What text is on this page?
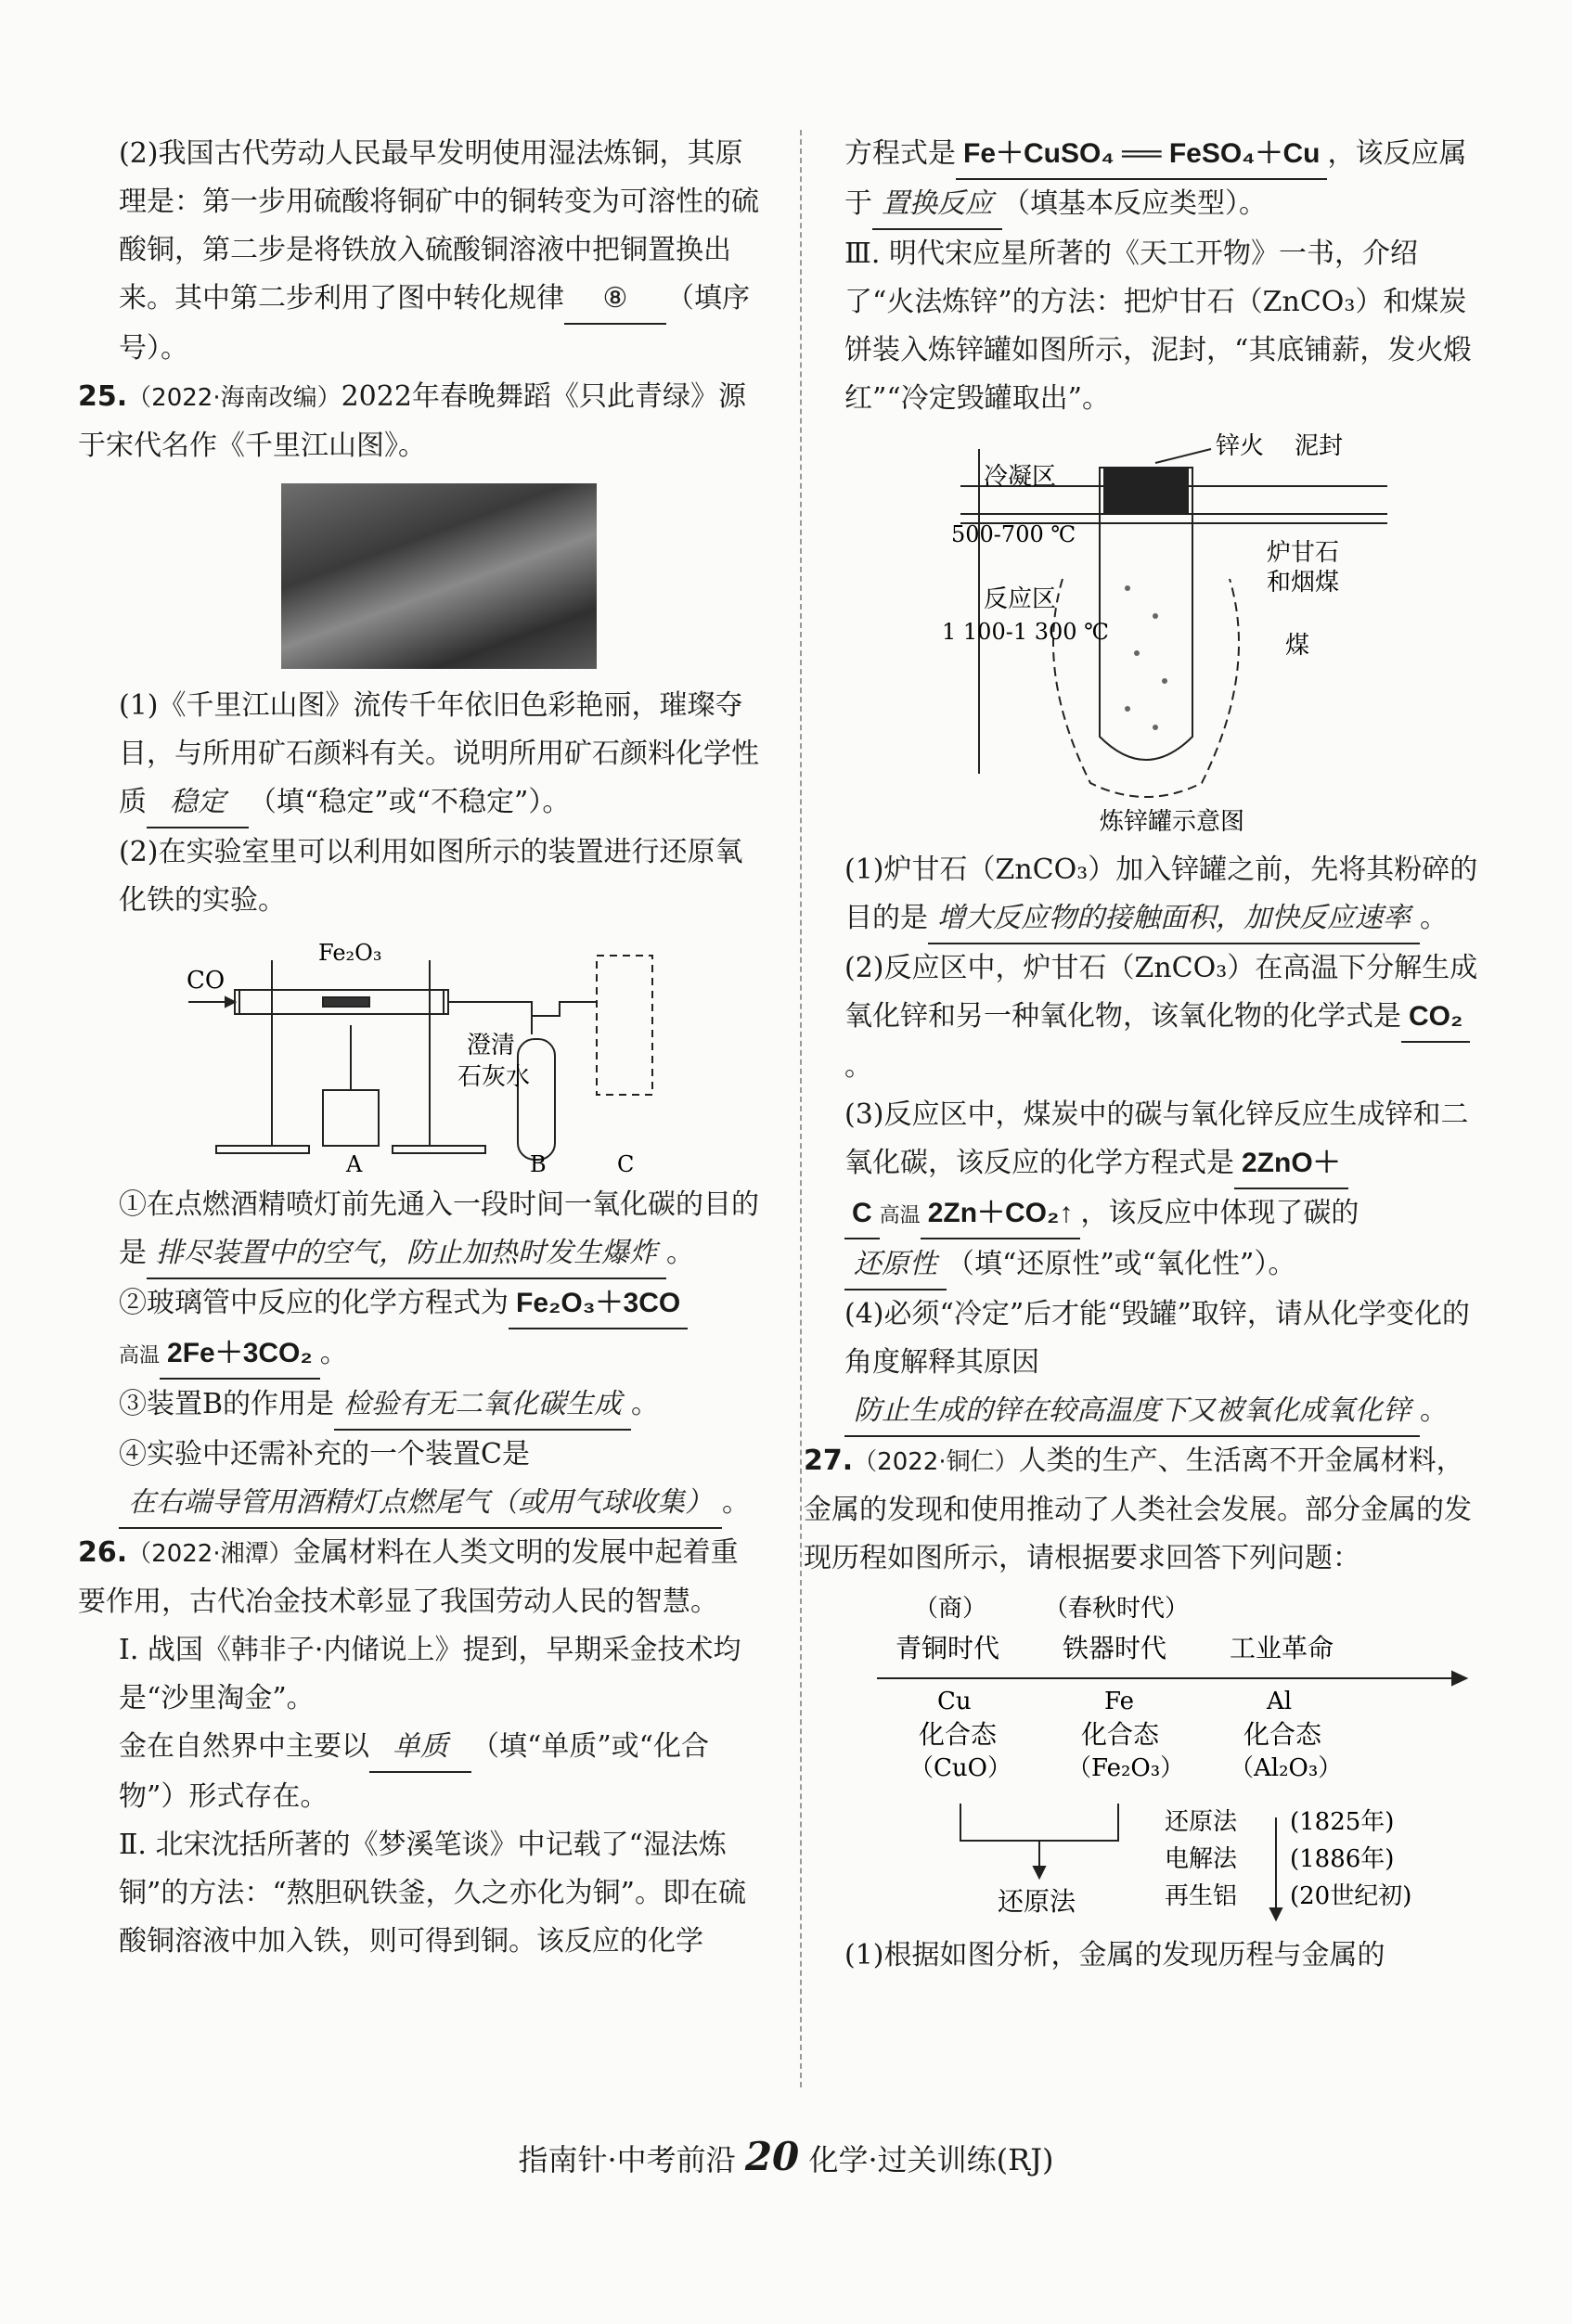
(2)我国古代劳动人民最早发明使用湿法炼铜，其原理是：第一步用硫酸将铜矿中的铜转变为可溶性的硫酸铜，第二步是将铁放入硫酸铜溶液中把铜置换出来。其中第二步利用了图中转化规律 ⑧ （填序号）。

25.（2022·海南改编）2022年春晚舞蹈《只此青绿》源于宋代名作《千里江山图》。

(1)《千里江山图》流传千年依旧色彩艳丽，璀璨夺目，与所用矿石颜料有关。说明所用矿石颜料化学性质 稳定 （填“稳定”或“不稳定”）。

(2)在实验室里可以利用如图所示的装置进行还原氧化铁的实验。

CO
Fe₂O₃
澄清
石灰水
A	B	C

①在点燃酒精喷灯前先通入一段时间一氧化碳的目的是 排尽装置中的空气，防止加热时发生爆炸 。

②玻璃管中反应的化学方程式为 Fe₂O₃＋3CO
高温 2Fe＋3CO₂ 。

③装置B的作用是 检验有无二氧化碳生成 。

④实验中还需补充的一个装置C是在右端导管用酒精灯点燃尾气（或用气球收集） 。

26.（2022·湘潭）金属材料在人类文明的发展中起着重要作用，古代冶金技术彰显了我国劳动人民的智慧。

Ⅰ. 战国《韩非子·内储说上》提到，早期采金技术均是“沙里淘金”。

金在自然界中主要以 单质 （填“单质”或“化合物”）形式存在。

Ⅱ. 北宋沈括所著的《梦溪笔谈》中记载了“湿法炼铜”的方法：“熬胆矾铁釜，久之亦化为铜”。即在硫酸铜溶液中加入铁，则可得到铜。该反应的化学

方程式是 Fe＋CuSO₄ ══ FeSO₄＋Cu ，该反应属于 置换反应 （填基本反应类型）。

Ⅲ. 明代宋应星所著的《天工开物》一书，介绍了“火法炼锌”的方法：把炉甘石（ZnCO₃）和煤炭饼装入炼锌罐如图所示，泥封，“其底铺薪，发火煅红”“冷定毁罐取出”。

锌火 泥封
冷凝区
500-700 ℃
反应区
1 100-1 300 ℃
炉甘石
和烟煤
煤
炼锌罐示意图

(1)炉甘石（ZnCO₃）加入锌罐之前，先将其粉碎的目的是 增大反应物的接触面积，加快反应速率 。

(2)反应区中，炉甘石（ZnCO₃）在高温下分解生成氧化锌和另一种氧化物，该氧化物的化学式是 CO₂。

(3)反应区中，煤炭中的碳与氧化锌反应生成锌和二氧化碳，该反应的化学方程式是 2ZnO＋
C 高温 2Zn＋CO₂↑ ，该反应中体现了碳的
还原性 （填“还原性”或“氧化性”）。

(4)必须“冷定”后才能“毁罐”取锌，请从化学变化的角度解释其原因防止生成的锌在较高温度下又被氧化成氧化锌 。

27.（2022·铜仁）人类的生产、生活离不开金属材料，金属的发现和使用推动了人类社会发展。部分金属的发现历程如图所示，请根据要求回答下列问题：

（商）
青铜时代
（春秋时代）
铁器时代 工业革命
Cu
化合态
（CuO）
Fe
化合态
（Fe₂O₃）
Al
化合态
（Al₂O₃）
还原法
还原法
电解法
再生铝
(1825年)
(1886年)
(20世纪初)

(1)根据如图分析，金属的发现历程与金属的

指南针·中考前沿 20 化学·过关训练(RJ)
